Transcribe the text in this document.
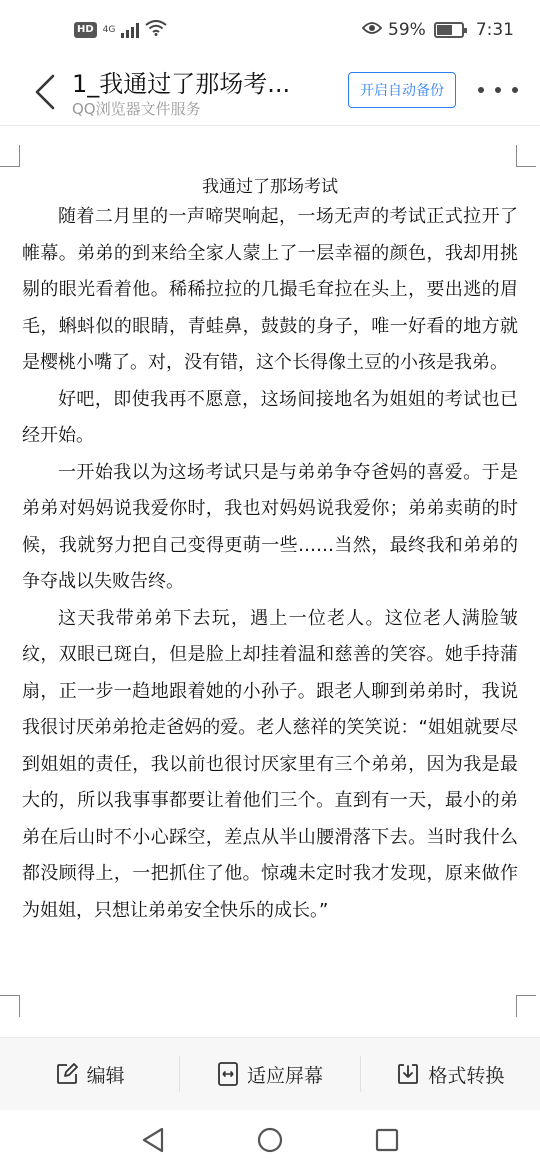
HD	4G	59%	7:31
1_我通过了那场考...
QQ浏览器文件服务
开启自动备份
我通过了那场考试

随着二月里的一声啼哭响起，一场无声的考试正式拉开了帷幕。弟弟的到来给全家人蒙上了一层幸福的颜色，我却用挑剔的眼光看着他。稀稀拉拉的几撮毛耷拉在头上，要出逃的眉毛，蝌蚪似的眼睛，青蛙鼻，鼓鼓的身子，唯一好看的地方就是樱桃小嘴了。对，没有错，这个长得像土豆的小孩是我弟。

好吧，即使我再不愿意，这场间接地名为姐姐的考试也已经开始。

一开始我以为这场考试只是与弟弟争夺爸妈的喜爱。于是弟弟对妈妈说我爱你时，我也对妈妈说我爱你；弟弟卖萌的时候，我就努力把自己变得更萌一些……当然，最终我和弟弟的争夺战以失败告终。

这天我带弟弟下去玩，遇上一位老人。这位老人满脸皱纹，双眼已斑白，但是脸上却挂着温和慈善的笑容。她手持蒲扇，正一步一趋地跟着她的小孙子。跟老人聊到弟弟时，我说我很讨厌弟弟抢走爸妈的爱。老人慈祥的笑笑说：“姐姐就要尽到姐姐的责任，我以前也很讨厌家里有三个弟弟，因为我是最大的，所以我事事都要让着他们三个。直到有一天，最小的弟弟在后山时不小心踩空，差点从半山腰滑落下去。当时我什么都没顾得上，一把抓住了他。惊魂未定时我才发现，原来做作为姐姐，只想让弟弟安全快乐的成长。”

编辑	适应屏幕	格式转换
